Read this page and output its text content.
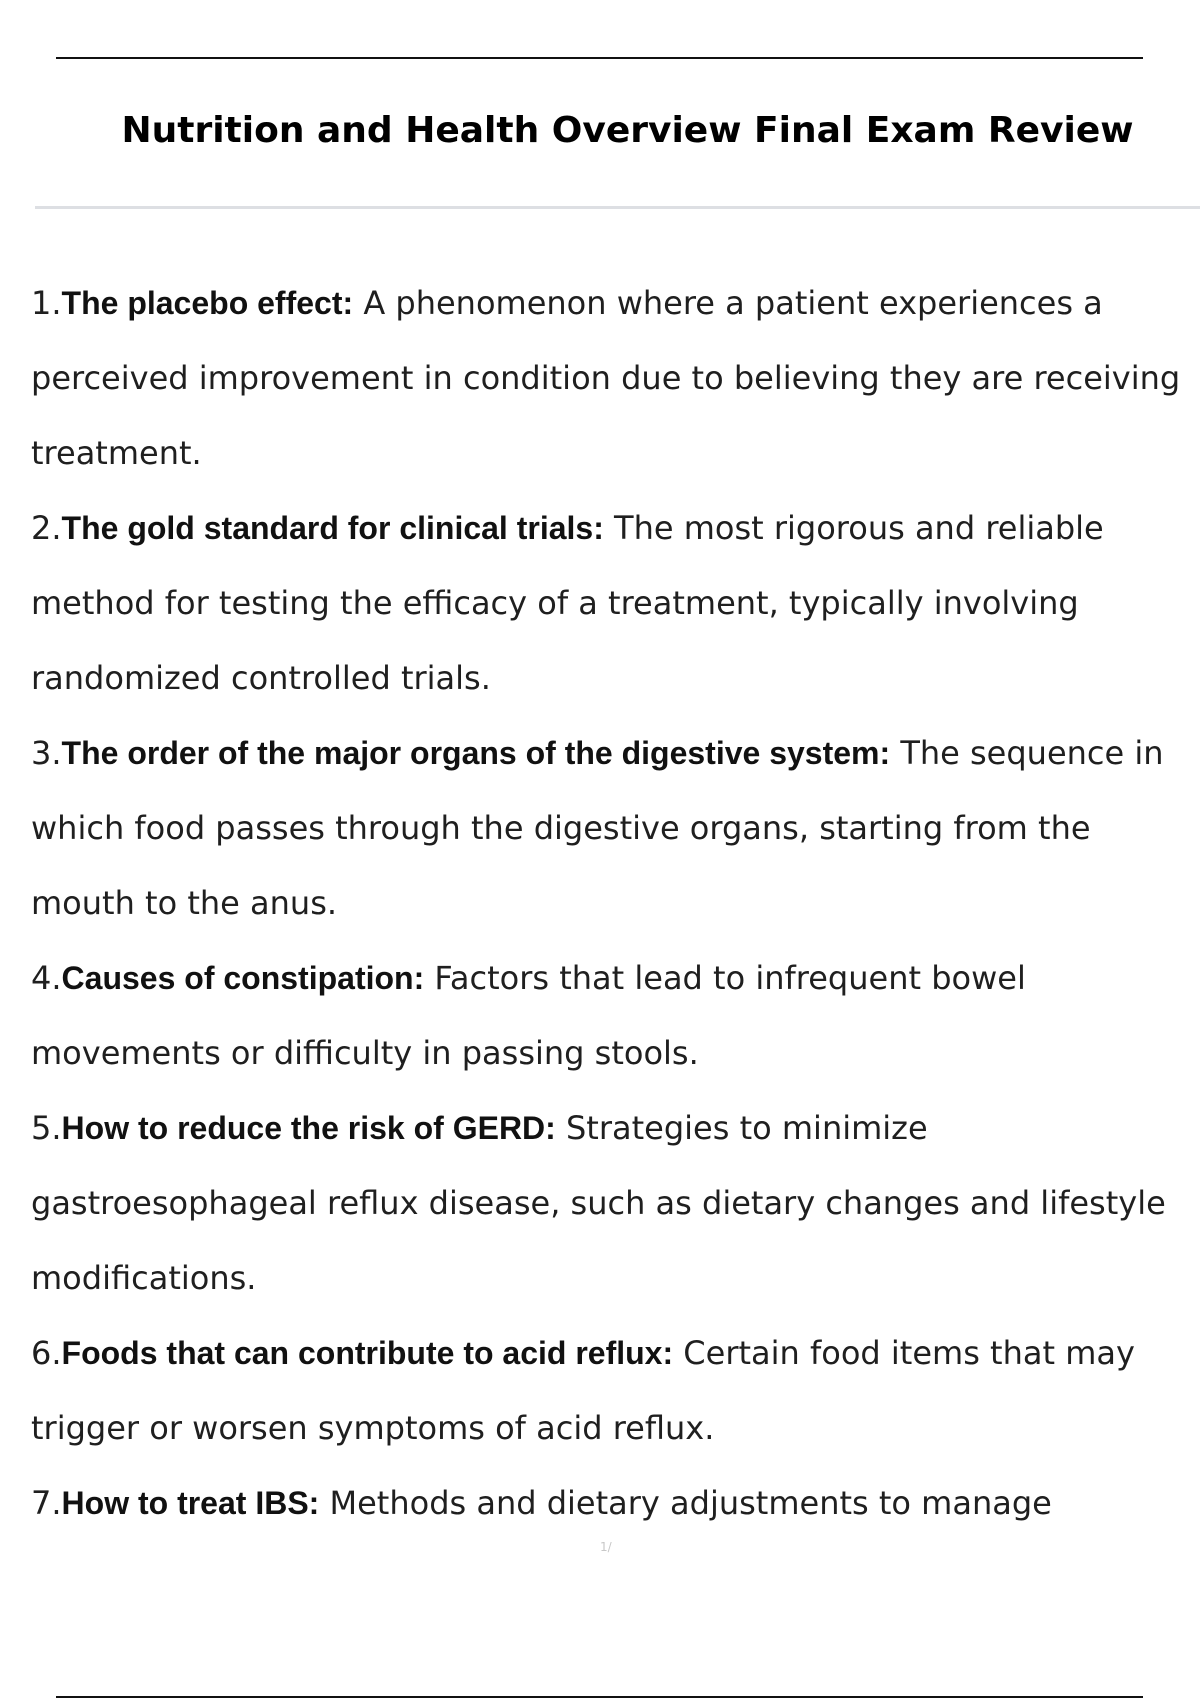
Nutrition and Health Overview Final Exam Review
1.The placebo effect: A phenomenon where a patient experiences a perceived improvement in condition due to believing they are receiving treatment.
2.The gold standard for clinical trials: The most rigorous and reliable method for testing the efficacy of a treatment, typically involving randomized controlled trials.
3.The order of the major organs of the digestive system: The sequence in which food passes through the digestive organs, starting from the mouth to the anus.
4.Causes of constipation: Factors that lead to infrequent bowel movements or difficulty in passing stools.
5.How to reduce the risk of GERD: Strategies to minimize gastroesophageal reflux disease, such as dietary changes and lifestyle modifications.
6.Foods that can contribute to acid reflux: Certain food items that may trigger or worsen symptoms of acid reflux.
7.How to treat IBS: Methods and dietary adjustments to manage
1/
